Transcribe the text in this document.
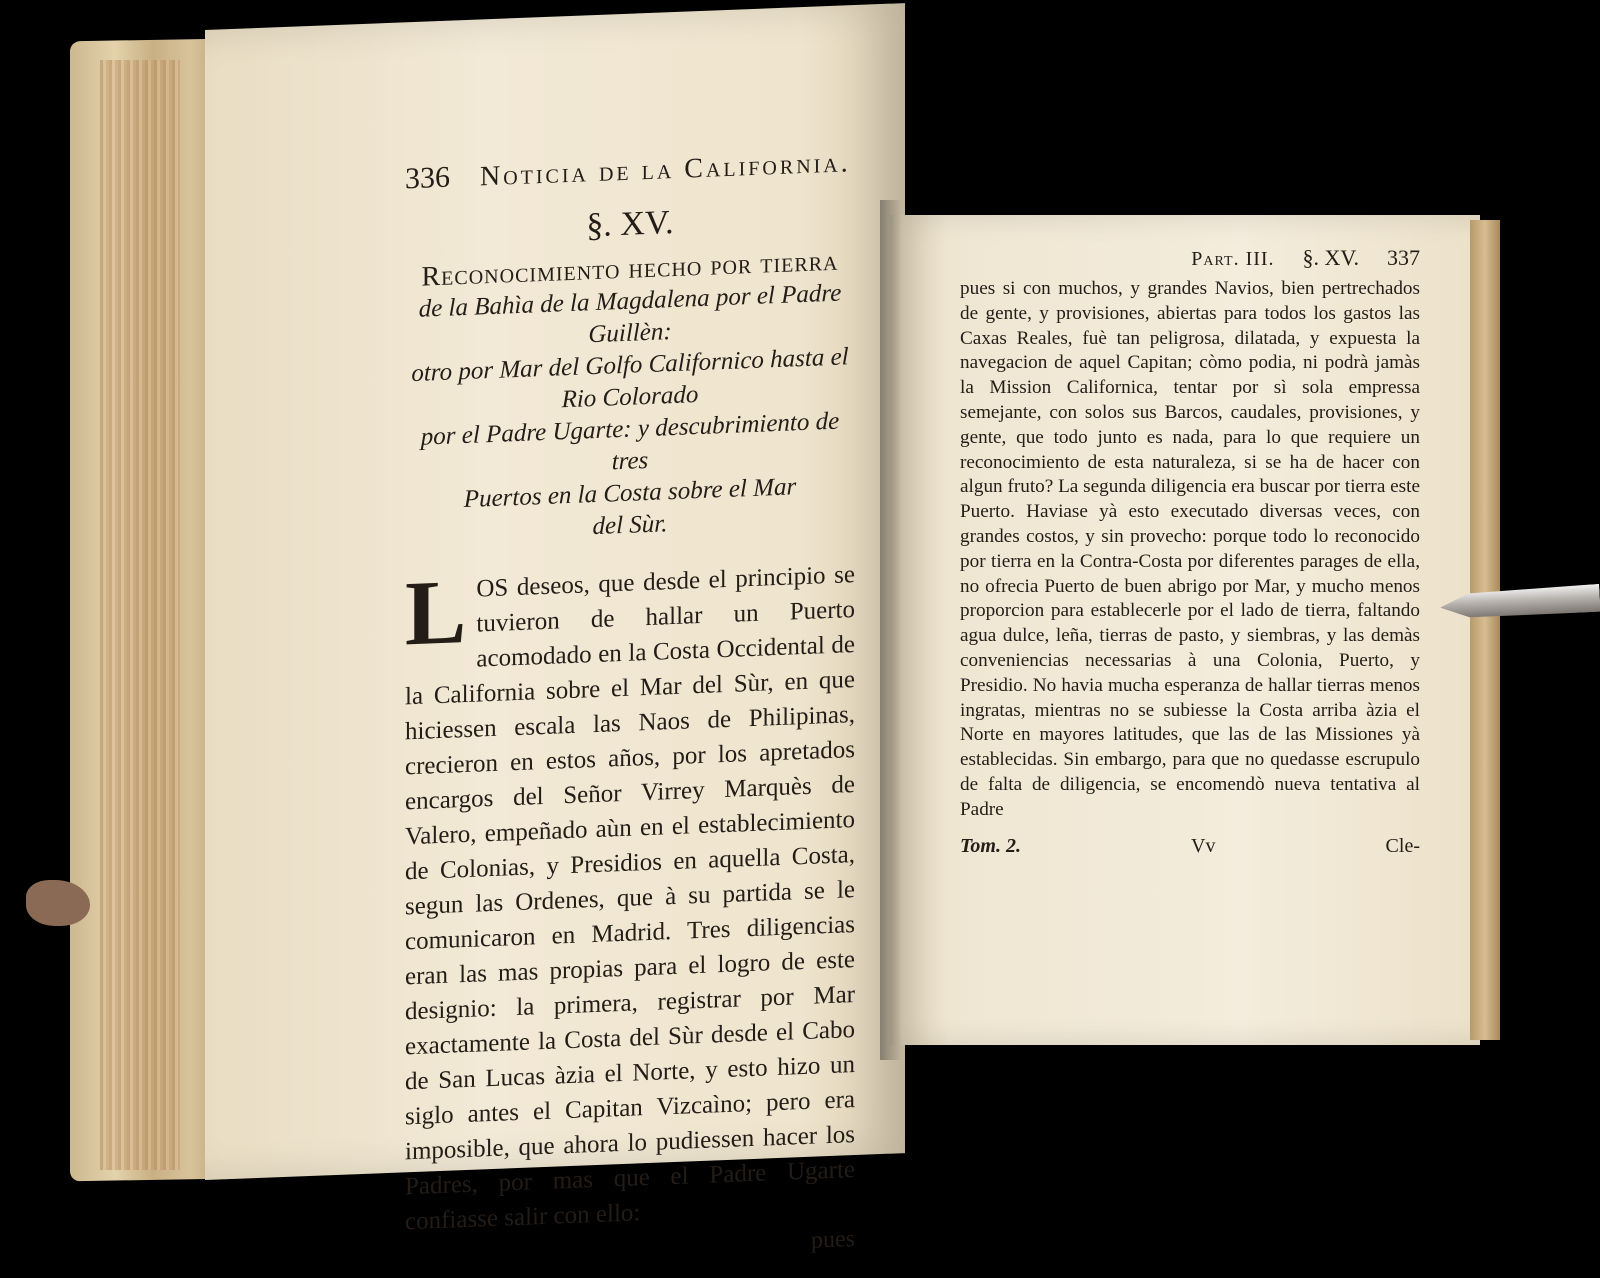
336 Noticia de la California.
§. XV.
Reconocimiento hecho por tierra
de la Bahìa de la Magdalena por el Padre Guillèn:
otro por Mar del Golfo Californico hasta el Rio Colorado
por el Padre Ugarte: y descubrimiento de tres
Puertos en la Costa sobre el Mar
del Sùr.
L OS deseos, que desde el principio se tuvieron de hallar un Puerto acomodado en la Costa Occidental de la California sobre el Mar del Sùr, en que hiciessen escala las Naos de Philipinas, crecieron en estos años, por los apretados encargos del Señor Virrey Marquès de Valero, empeñado aùn en el establecimiento de Colonias, y Presidios en aquella Costa, segun las Ordenes, que à su partida se le comunicaron en Madrid. Tres diligencias eran las mas propias para el logro de este designio: la primera, registrar por Mar exactamente la Costa del Sùr desde el Cabo de San Lucas àzia el Norte, y esto hizo un siglo antes el Capitan Vizcaìno; pero era imposible, que ahora lo pudiessen hacer los Padres, por mas que el Padre Ugarte confiasse salir con ello:
pues
Part. III. §. XV. 337
pues si con muchos, y grandes Navios, bien pertrechados de gente, y provisiones, abiertas para todos los gastos las Caxas Reales, fuè tan peligrosa, dilatada, y expuesta la navegacion de aquel Capitan; còmo podia, ni podrà jamàs la Mission Californica, tentar por sì sola empressa semejante, con solos sus Barcos, caudales, provisiones, y gente, que todo junto es nada, para lo que requiere un reconocimiento de esta naturaleza, si se ha de hacer con algun fruto? La segunda diligencia era buscar por tierra este Puerto. Haviase yà esto executado diversas veces, con grandes costos, y sin provecho: porque todo lo reconocido por tierra en la Contra-Costa por diferentes parages de ella, no ofrecia Puerto de buen abrigo por Mar, y mucho menos proporcion para establecerle por el lado de tierra, faltando agua dulce, leña, tierras de pasto, y siembras, y las demàs conveniencias necessarias à una Colonia, Puerto, y Presidio. No havia mucha esperanza de hallar tierras menos ingratas, mientras no se subiesse la Costa arriba àzia el Norte en mayores latitudes, que las de las Missiones yà establecidas. Sin embargo, para que no quedasse escrupulo de falta de diligencia, se encomendò nueva tentativa al Padre
Tom. 2.	Vv	Cle-
